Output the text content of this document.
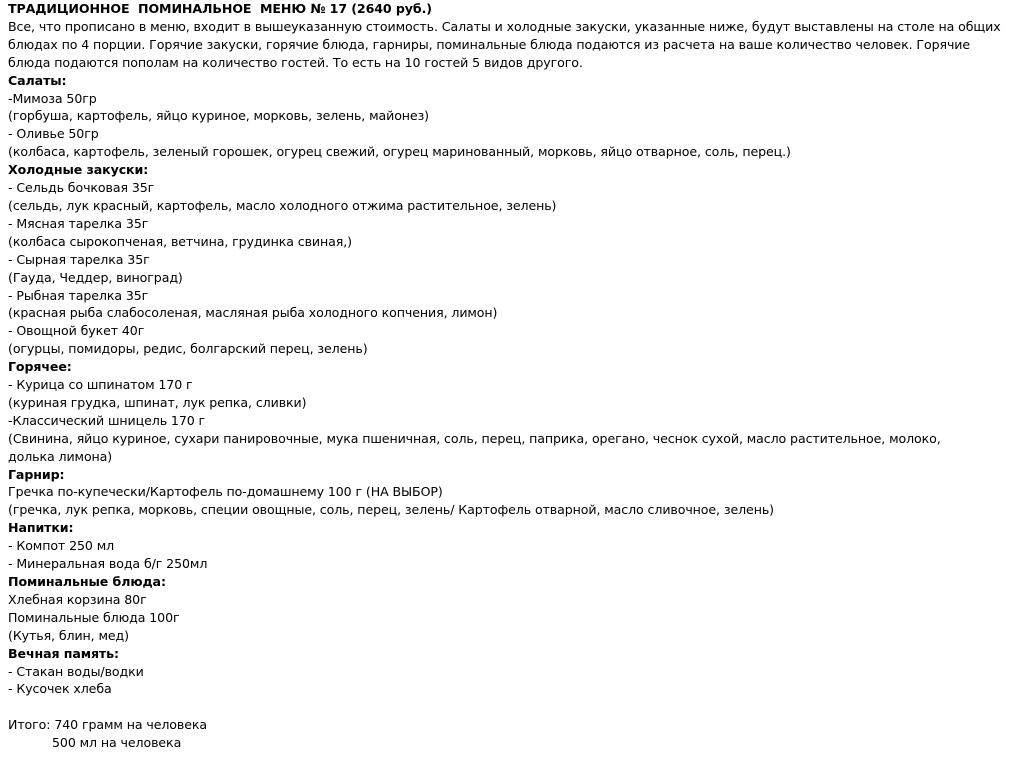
ТРАДИЦИОННОЕ  ПОМИНАЛЬНОЕ  МЕНЮ № 17 (2640 руб.)
Все, что прописано в меню, входит в вышеуказанную стоимость. Салаты и холодные закуски, указанные ниже, будут выставлены на столе на общих блюдах по 4 порции. Горячие закуски, горячие блюда, гарниры, поминальные блюда подаются из расчета на ваше количество человек. Горячие блюда подаются пополам на количество гостей. То есть на 10 гостей 5 видов другого.
Салаты:
-Мимоза 50гр
(горбуша, картофель, яйцо куриное, морковь, зелень, майонез)
- Оливье 50гр
(колбаса, картофель, зеленый горошек, огурец свежий, огурец маринованный, морковь, яйцо отварное, соль, перец.)
Холодные закуски:
- Сельдь бочковая 35г
(сельдь, лук красный, картофель, масло холодного отжима растительное, зелень)
- Мясная тарелка 35г
(колбаса сырокопченая, ветчина, грудинка свиная,)
- Сырная тарелка 35г
(Гауда, Чеддер, виноград)
- Рыбная тарелка 35г
(красная рыба слабосоленая, масляная рыба холодного копчения, лимон)
- Овощной букет 40г
(огурцы, помидоры, редис, болгарский перец, зелень)
Горячее:
- Курица со шпинатом 170 г
(куриная грудка, шпинат, лук репка, сливки)
-Классический шницель 170 г
(Свинина, яйцо куриное, сухари панировочные, мука пшеничная, соль, перец, паприка, орегано, чеснок сухой, масло растительное, молоко, долька лимона)
Гарнир:
Гречка по-купечески/Картофель по-домашнему 100 г (НА ВЫБОР)
(гречка, лук репка, морковь, специи овощные, соль, перец, зелень/ Картофель отварной, масло сливочное, зелень)
Напитки:
- Компот 250 мл
- Минеральная вода б/г 250мл
Поминальные блюда:
Хлебная корзина 80г
Поминальные блюда 100г
(Кутья, блин, мед)
Вечная память:
- Стакан воды/водки
- Кусочек хлеба
Итого: 740 грамм на человека
500 мл на человека
